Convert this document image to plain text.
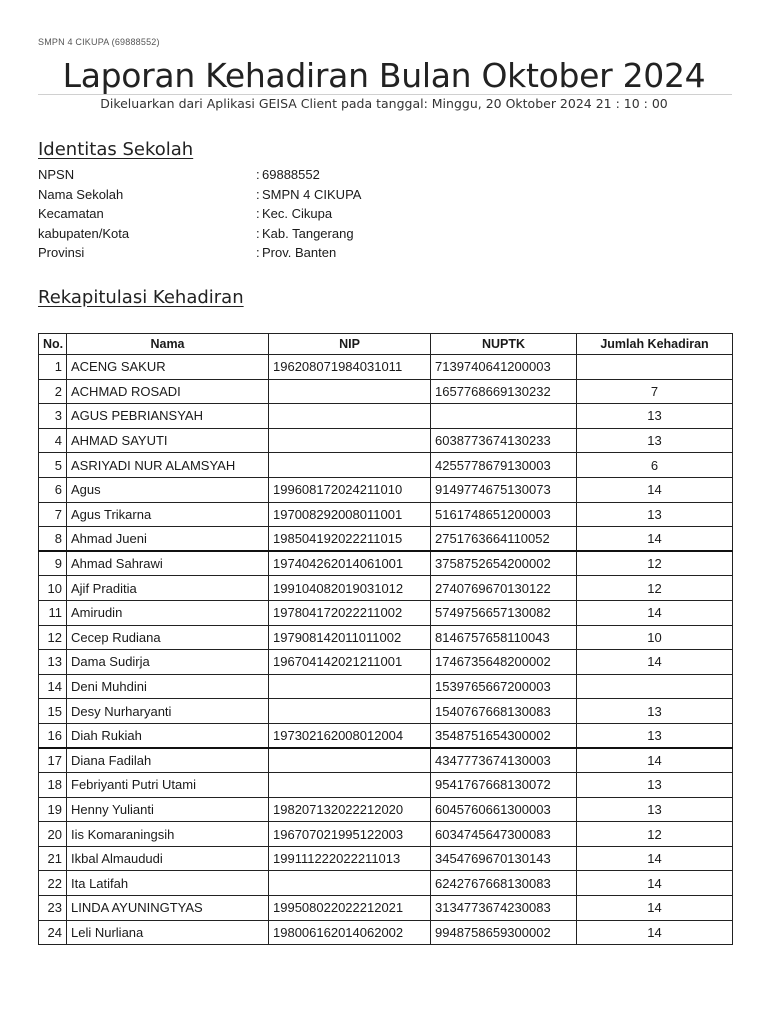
SMPN 4 CIKUPA (69888552)
Laporan Kehadiran Bulan Oktober 2024
Dikeluarkan dari Aplikasi GEISA Client pada tanggal: Minggu, 20 Oktober 2024 21 : 10 : 00
Identitas Sekolah
NPSN	:	69888552
Nama Sekolah	:	SMPN 4 CIKUPA
Kecamatan	:	Kec. Cikupa
kabupaten/Kota	:	Kab. Tangerang
Provinsi	:	Prov. Banten
Rekapitulasi Kehadiran
No.	Nama	NIP	NUPTK	Jumlah Kehadiran
1	ACENG SAKUR	196208071984031011	7139740641200003	
2	ACHMAD ROSADI		1657768669130232	7
3	AGUS PEBRIANSYAH			13
4	AHMAD SAYUTI		6038773674130233	13
5	ASRIYADI NUR ALAMSYAH		4255778679130003	6
6	Agus	199608172024211010	9149774675130073	14
7	Agus Trikarna	197008292008011001	5161748651200003	13
8	Ahmad Jueni	198504192022211015	2751763664110052	14
9	Ahmad Sahrawi	197404262014061001	3758752654200002	12
10	Ajif Praditia	199104082019031012	2740769670130122	12
11	Amirudin	197804172022211002	5749756657130082	14
12	Cecep Rudiana	197908142011011002	8146757658110043	10
13	Dama Sudirja	196704142021211001	1746735648200002	14
14	Deni Muhdini		1539765667200003	
15	Desy Nurharyanti		1540767668130083	13
16	Diah Rukiah	197302162008012004	3548751654300002	13
17	Diana Fadilah		4347773674130003	14
18	Febriyanti Putri Utami		9541767668130072	13
19	Henny Yulianti	198207132022212020	6045760661300003	13
20	Iis Komaraningsih	196707021995122003	6034745647300083	12
21	Ikbal Almaududi	199111222022211013	3454769670130143	14
22	Ita Latifah		6242767668130083	14
23	LINDA AYUNINGTYAS	199508022022212021	3134773674230083	14
24	Leli Nurliana	198006162014062002	9948758659300002	14
